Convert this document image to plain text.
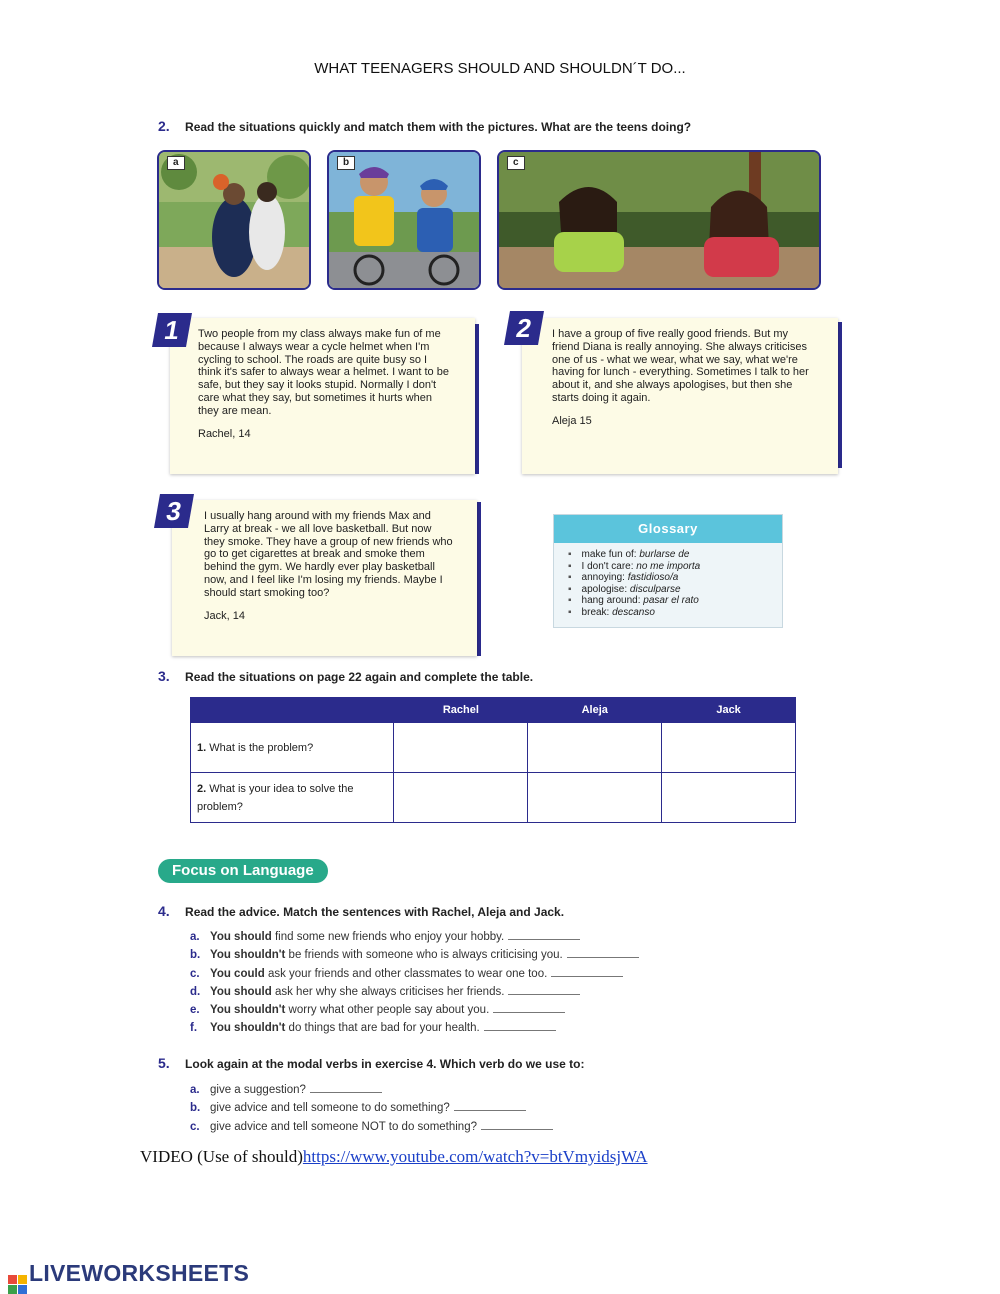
WHAT TEENAGERS SHOULD AND SHOULDN´T DO...
2. Read the situations quickly and match them with the pictures. What are the teens doing?
a	b	c
Two people from my class always make fun of me because I always wear a cycle helmet when I'm cycling to school. The roads are quite busy so I think it's safer to always wear a helmet. I want to be safe, but they say it looks stupid. Normally I don't care what they say, but sometimes it hurts when they are mean.
Rachel, 14
1	I have a group of five really good friends. But my friend Diana is really annoying. She always criticises one of us - what we wear, what we say, what we're having for lunch - everything. Sometimes I talk to her about it, and she always apologises, but then she starts doing it again.
Aleja 15
2
I usually hang around with my friends Max and Larry at break - we all love basketball. But now they smoke. They have a group of new friends who go to get cigarettes at break and smoke them behind the gym. We hardly ever play basketball now, and I feel like I'm losing my friends. Maybe I should start smoking too?
Jack, 14
3
Glossary
▪ make fun of: burlarse de
▪ I don't care: no me importa
▪ annoying: fastidioso/a
▪ apologise: disculparse
▪ hang around: pasar el rato
▪ break: descanso
3. Read the situations on page 22 again and complete the table.
	Rachel	Aleja	Jack
1. What is the problem?			
2. What is your idea to solve the problem?			
Focus on Language
4. Read the advice. Match the sentences with Rachel, Aleja and Jack.
a. You should find some new friends who enjoy your hobby.
b. You shouldn't be friends with someone who is always criticising you.
c. You could ask your friends and other classmates to wear one too.
d. You should ask her why she always criticises her friends.
e. You shouldn't worry what other people say about you.
f. You shouldn't do things that are bad for your health.
5. Look again at the modal verbs in exercise 4. Which verb do we use to:
a. give a suggestion?
b. give advice and tell someone to do something?
c. give advice and tell someone NOT to do something?
VIDEO (Use of should)https://www.youtube.com/watch?v=btVmyidsjWA
LIVEWORKSHEETS
